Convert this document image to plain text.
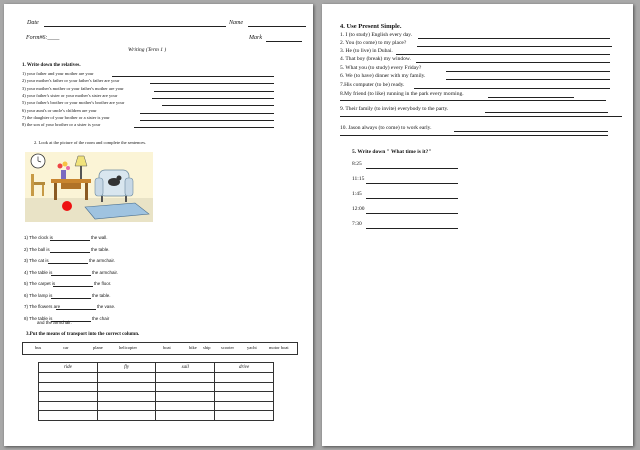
Date	Name
Form#6:____	Mark
Writing (Term 1 )
1. Write down the relatives.
1) your father and your mother are your
2) your mother's father or your father's father are your
3) your mother's mother or your father's mother are your
4) your father's sister or your mother's sister are your
5) your father's brother or your mother's brother are your
6) your aunt's or uncle's children are your
7) the daughter of your brother or a sister is your
8) the son of your brother or a sister is your
2. Look at the picture of the room and complete the sentences.
1) The clock is	the wall.
2) The ball is	the table.
3) The cat is	the armchair.
4) The table is	the armchair.
5) The carpet is	the floor.
6) The lamp is	the table.
7) The flowers are	the vase.
8) The table is	the chair
and the armchair.
3.Put the means of transport into the correct column.
bus	car	plane	helicopter	boat	bike ship scooter	yacht	motor boat
ride	fly	sail	drive

4. Use Present Simple.
1. I (to study) English every day.
2. You (to come) to my place?
3. He (to live) in Dubai.
4. That boy (break) my window.
5. What you (to study) every Friday?
6. We (to have) dinner with my family.
7.His computer (to be) ready.
8.My friend (to like) running in the park every morning.
9. Their family (to invite) everybody to the party.
10. Jason always (to come) to work early.
5. Write down " What time is it?"
8:25
11:15
1:45
12:00
7:30
